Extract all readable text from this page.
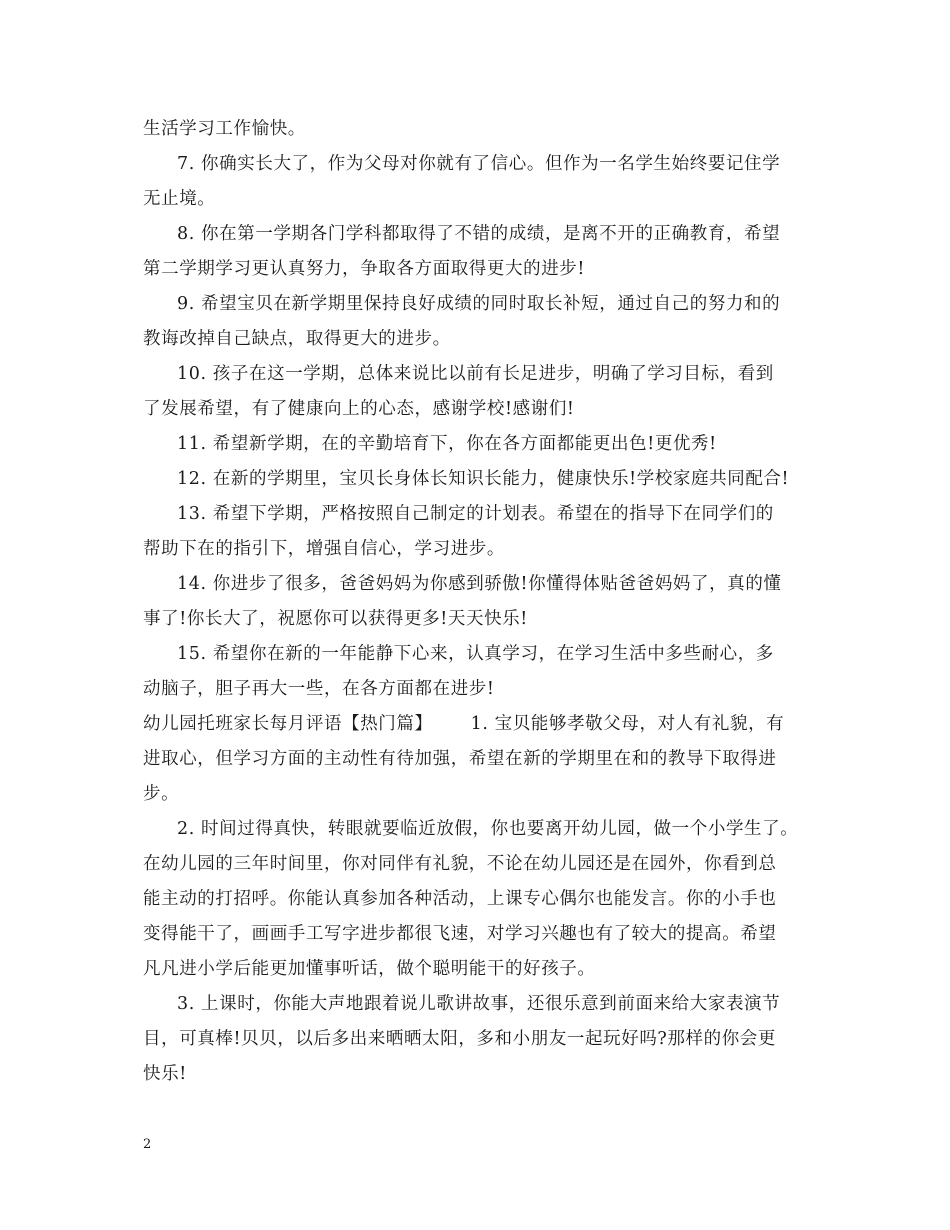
生活学习工作愉快。
7. 你确实长大了，作为父母对你就有了信心。但作为一名学生始终要记住学
无止境。
8. 你在第一学期各门学科都取得了不错的成绩，是离不开的正确教育，希望
第二学期学习更认真努力，争取各方面取得更大的进步!
9. 希望宝贝在新学期里保持良好成绩的同时取长补短，通过自己的努力和的
教诲改掉自己缺点，取得更大的进步。
10. 孩子在这一学期，总体来说比以前有长足进步，明确了学习目标，看到
了发展希望，有了健康向上的心态，感谢学校!感谢们!
11. 希望新学期，在的辛勤培育下，你在各方面都能更出色!更优秀!
12. 在新的学期里，宝贝长身体长知识长能力，健康快乐!学校家庭共同配合!
13. 希望下学期，严格按照自己制定的计划表。希望在的指导下在同学们的
帮助下在的指引下，增强自信心，学习进步。
14. 你进步了很多，爸爸妈妈为你感到骄傲!你懂得体贴爸爸妈妈了，真的懂
事了!你长大了，祝愿你可以获得更多!天天快乐!
15. 希望你在新的一年能静下心来，认真学习，在学习生活中多些耐心，多
动脑子，胆子再大一些，在各方面都在进步!
幼儿园托班家长每月评语【热门篇】 1. 宝贝能够孝敬父母，对人有礼貌，有
进取心，但学习方面的主动性有待加强，希望在新的学期里在和的教导下取得进
步。
2. 时间过得真快，转眼就要临近放假，你也要离开幼儿园，做一个小学生了。
在幼儿园的三年时间里，你对同伴有礼貌，不论在幼儿园还是在园外，你看到总
能主动的打招呼。你能认真参加各种活动，上课专心偶尔也能发言。你的小手也
变得能干了，画画手工写字进步都很飞速，对学习兴趣也有了较大的提高。希望
凡凡进小学后能更加懂事听话，做个聪明能干的好孩子。
3. 上课时，你能大声地跟着说儿歌讲故事，还很乐意到前面来给大家表演节
目，可真棒!贝贝，以后多出来晒晒太阳，多和小朋友一起玩好吗?那样的你会更
快乐!
2
